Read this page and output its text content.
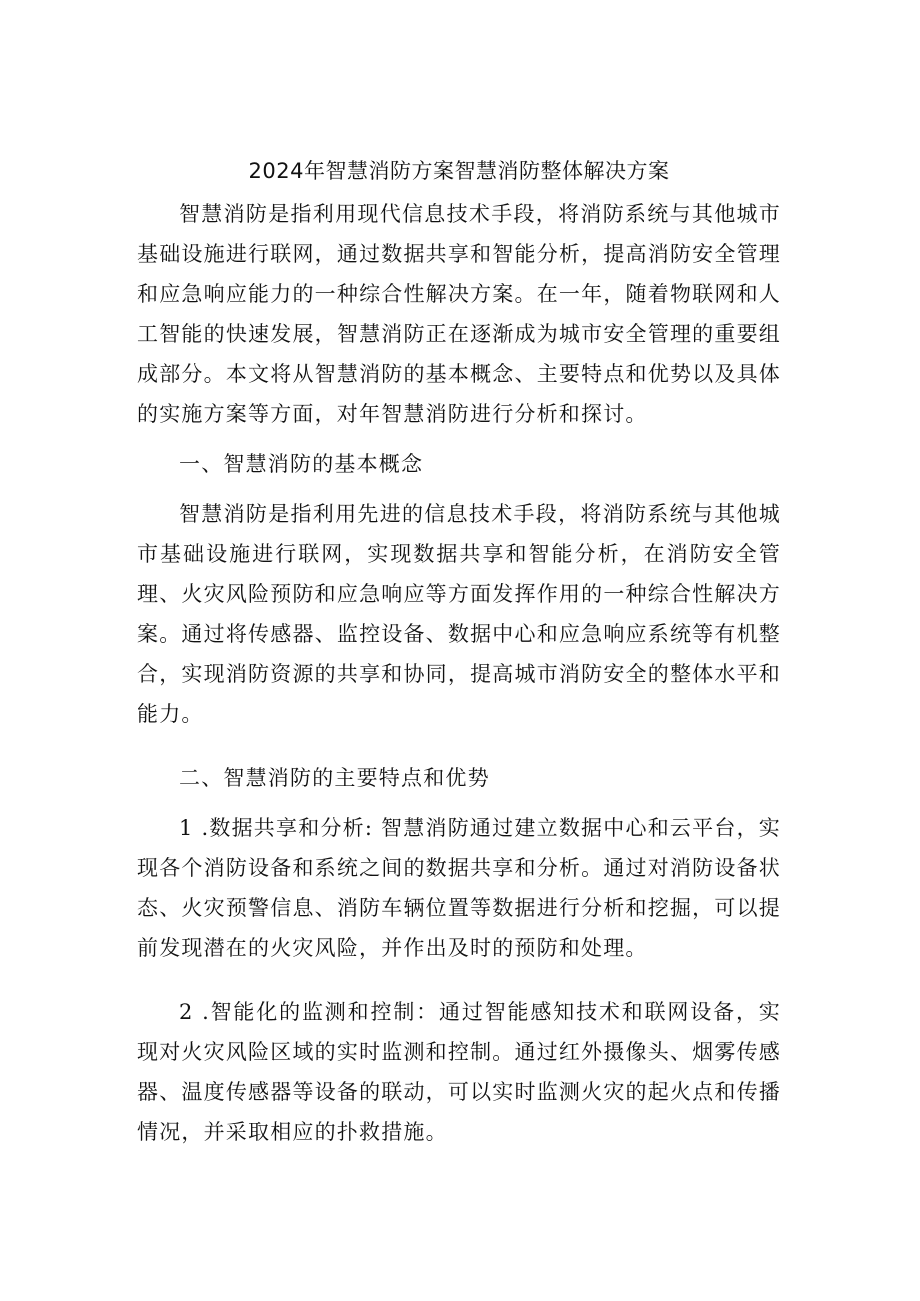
2024年智慧消防方案智慧消防整体解决方案

智慧消防是指利用现代信息技术手段，将消防系统与其他城市基础设施进行联网，通过数据共享和智能分析，提高消防安全管理和应急响应能力的一种综合性解决方案。在一年，随着物联网和人工智能的快速发展，智慧消防正在逐渐成为城市安全管理的重要组成部分。本文将从智慧消防的基本概念、主要特点和优势以及具体的实施方案等方面，对年智慧消防进行分析和探讨。

一、智慧消防的基本概念

智慧消防是指利用先进的信息技术手段，将消防系统与其他城市基础设施进行联网，实现数据共享和智能分析，在消防安全管理、火灾风险预防和应急响应等方面发挥作用的一种综合性解决方案。通过将传感器、监控设备、数据中心和应急响应系统等有机整合，实现消防资源的共享和协同，提高城市消防安全的整体水平和能力。

二、智慧消防的主要特点和优势

1 .数据共享和分析: 智慧消防通过建立数据中心和云平台，实现各个消防设备和系统之间的数据共享和分析。通过对消防设备状态、火灾预警信息、消防车辆位置等数据进行分析和挖掘，可以提前发现潜在的火灾风险，并作出及时的预防和处理。

2 .智能化的监测和控制：通过智能感知技术和联网设备，实现对火灾风险区域的实时监测和控制。通过红外摄像头、烟雾传感器、温度传感器等设备的联动，可以实时监测火灾的起火点和传播情况，并采取相应的扑救措施。
